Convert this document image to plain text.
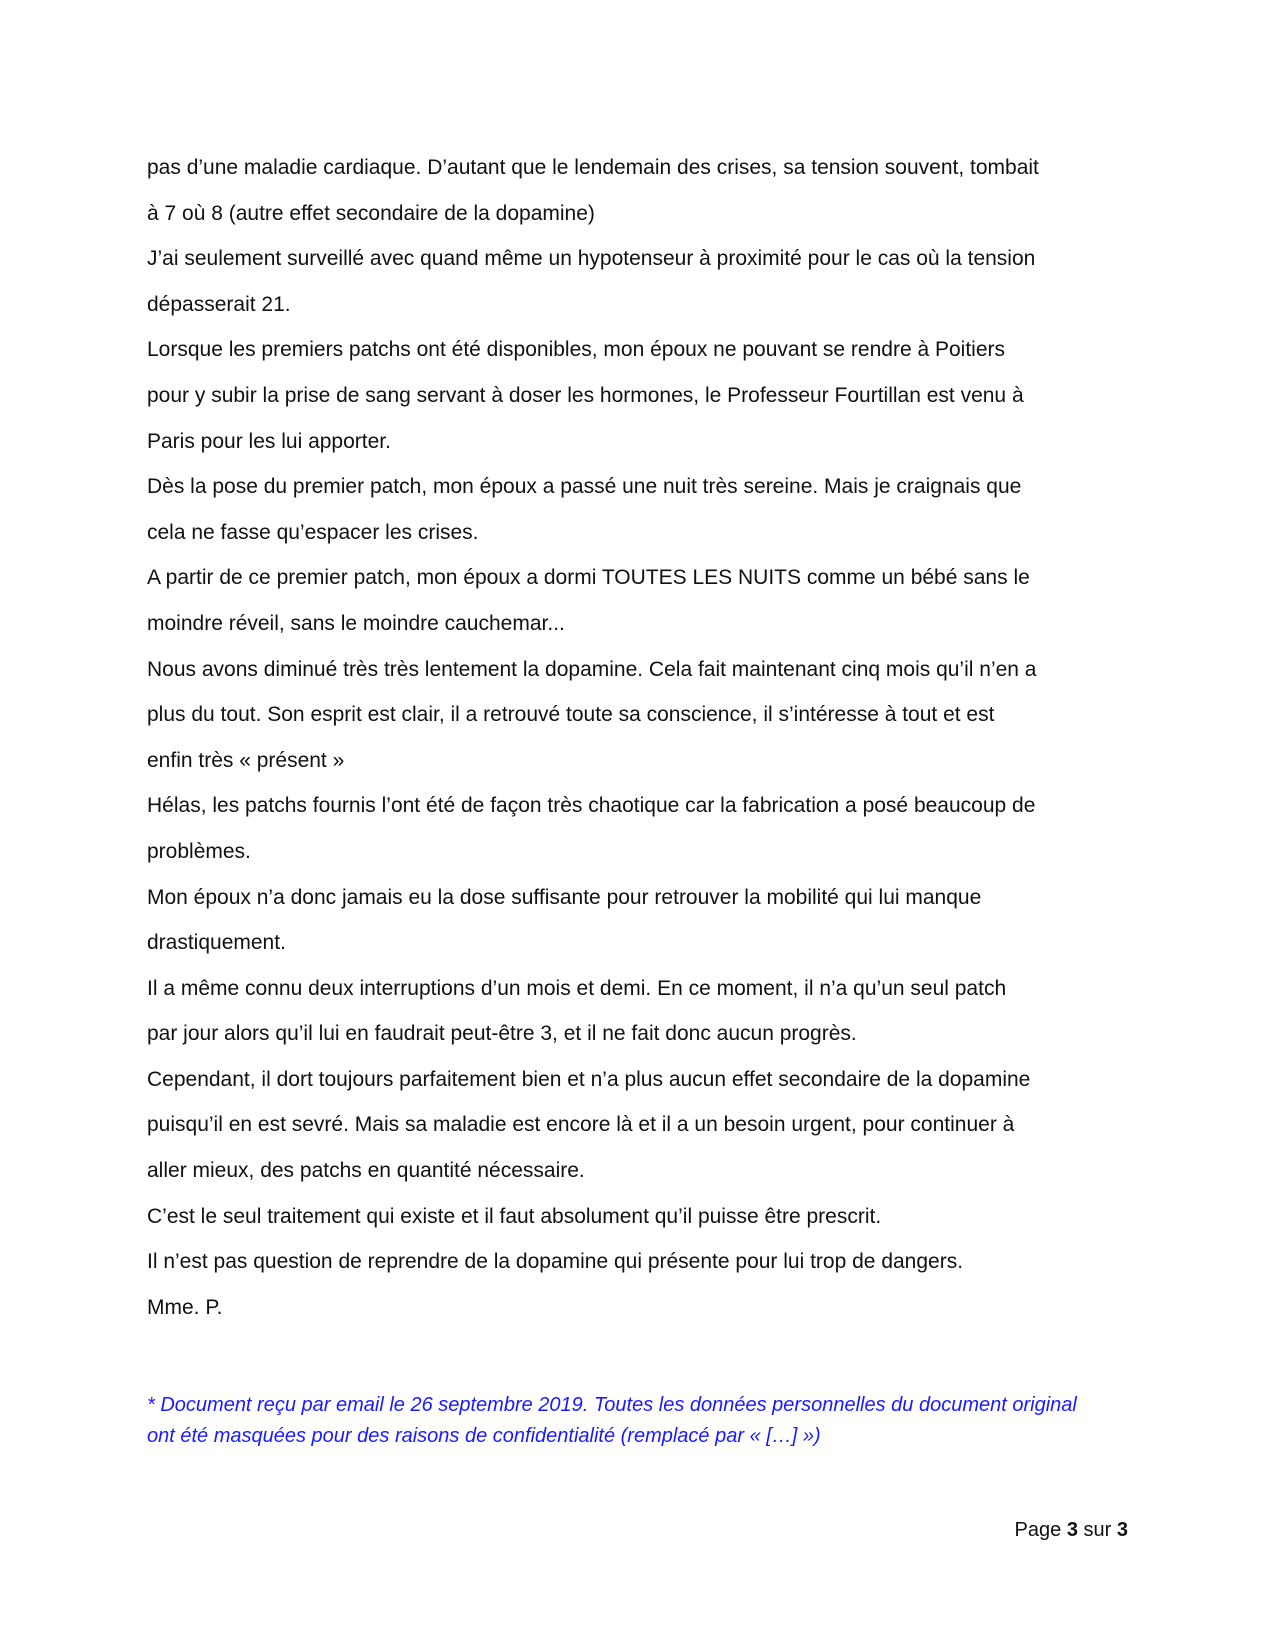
pas d’une maladie cardiaque. D’autant que le lendemain des crises, sa tension souvent, tombait
à 7 où 8 (autre effet secondaire de la dopamine)
J’ai seulement surveillé avec quand même un hypotenseur à proximité pour le cas où la tension
dépasserait 21.
Lorsque les premiers patchs ont été disponibles, mon époux ne pouvant se rendre à Poitiers
pour y subir la prise de sang servant à doser les hormones, le Professeur Fourtillan est venu à
Paris pour les lui apporter.
Dès la pose du premier patch, mon époux a passé une nuit très sereine. Mais je craignais que
cela ne fasse qu’espacer les crises.
A partir de ce premier patch, mon époux a dormi TOUTES LES NUITS comme un bébé sans le
moindre réveil, sans le moindre cauchemar...
Nous avons diminué très très lentement la dopamine. Cela fait maintenant cinq mois qu’il n’en a
plus du tout. Son esprit est clair, il a retrouvé toute sa conscience, il s’intéresse à tout et est
enfin très « présent »
Hélas, les patchs fournis l’ont été de façon très chaotique car la fabrication a posé beaucoup de
problèmes.
Mon époux n’a donc jamais eu la dose suffisante pour retrouver la mobilité qui lui manque
drastiquement.
Il a même connu deux interruptions d’un mois et demi. En ce moment, il n’a qu’un seul patch
par jour alors qu’il lui en faudrait peut-être 3, et il ne fait donc aucun progrès.
Cependant, il dort toujours parfaitement bien et n’a plus aucun effet secondaire de la dopamine
puisqu’il en est sevré. Mais sa maladie est encore là et il a un besoin urgent, pour continuer à
aller mieux, des patchs en quantité nécessaire.
C’est le seul traitement qui existe et il faut absolument qu’il puisse être prescrit.
Il n’est pas question de reprendre de la dopamine qui présente pour lui trop de dangers.
Mme. P.
* Document reçu par email le 26 septembre 2019. Toutes les données personnelles du document original
ont été masquées pour des raisons de confidentialité (remplacé par « […] »)
Page 3 sur 3
